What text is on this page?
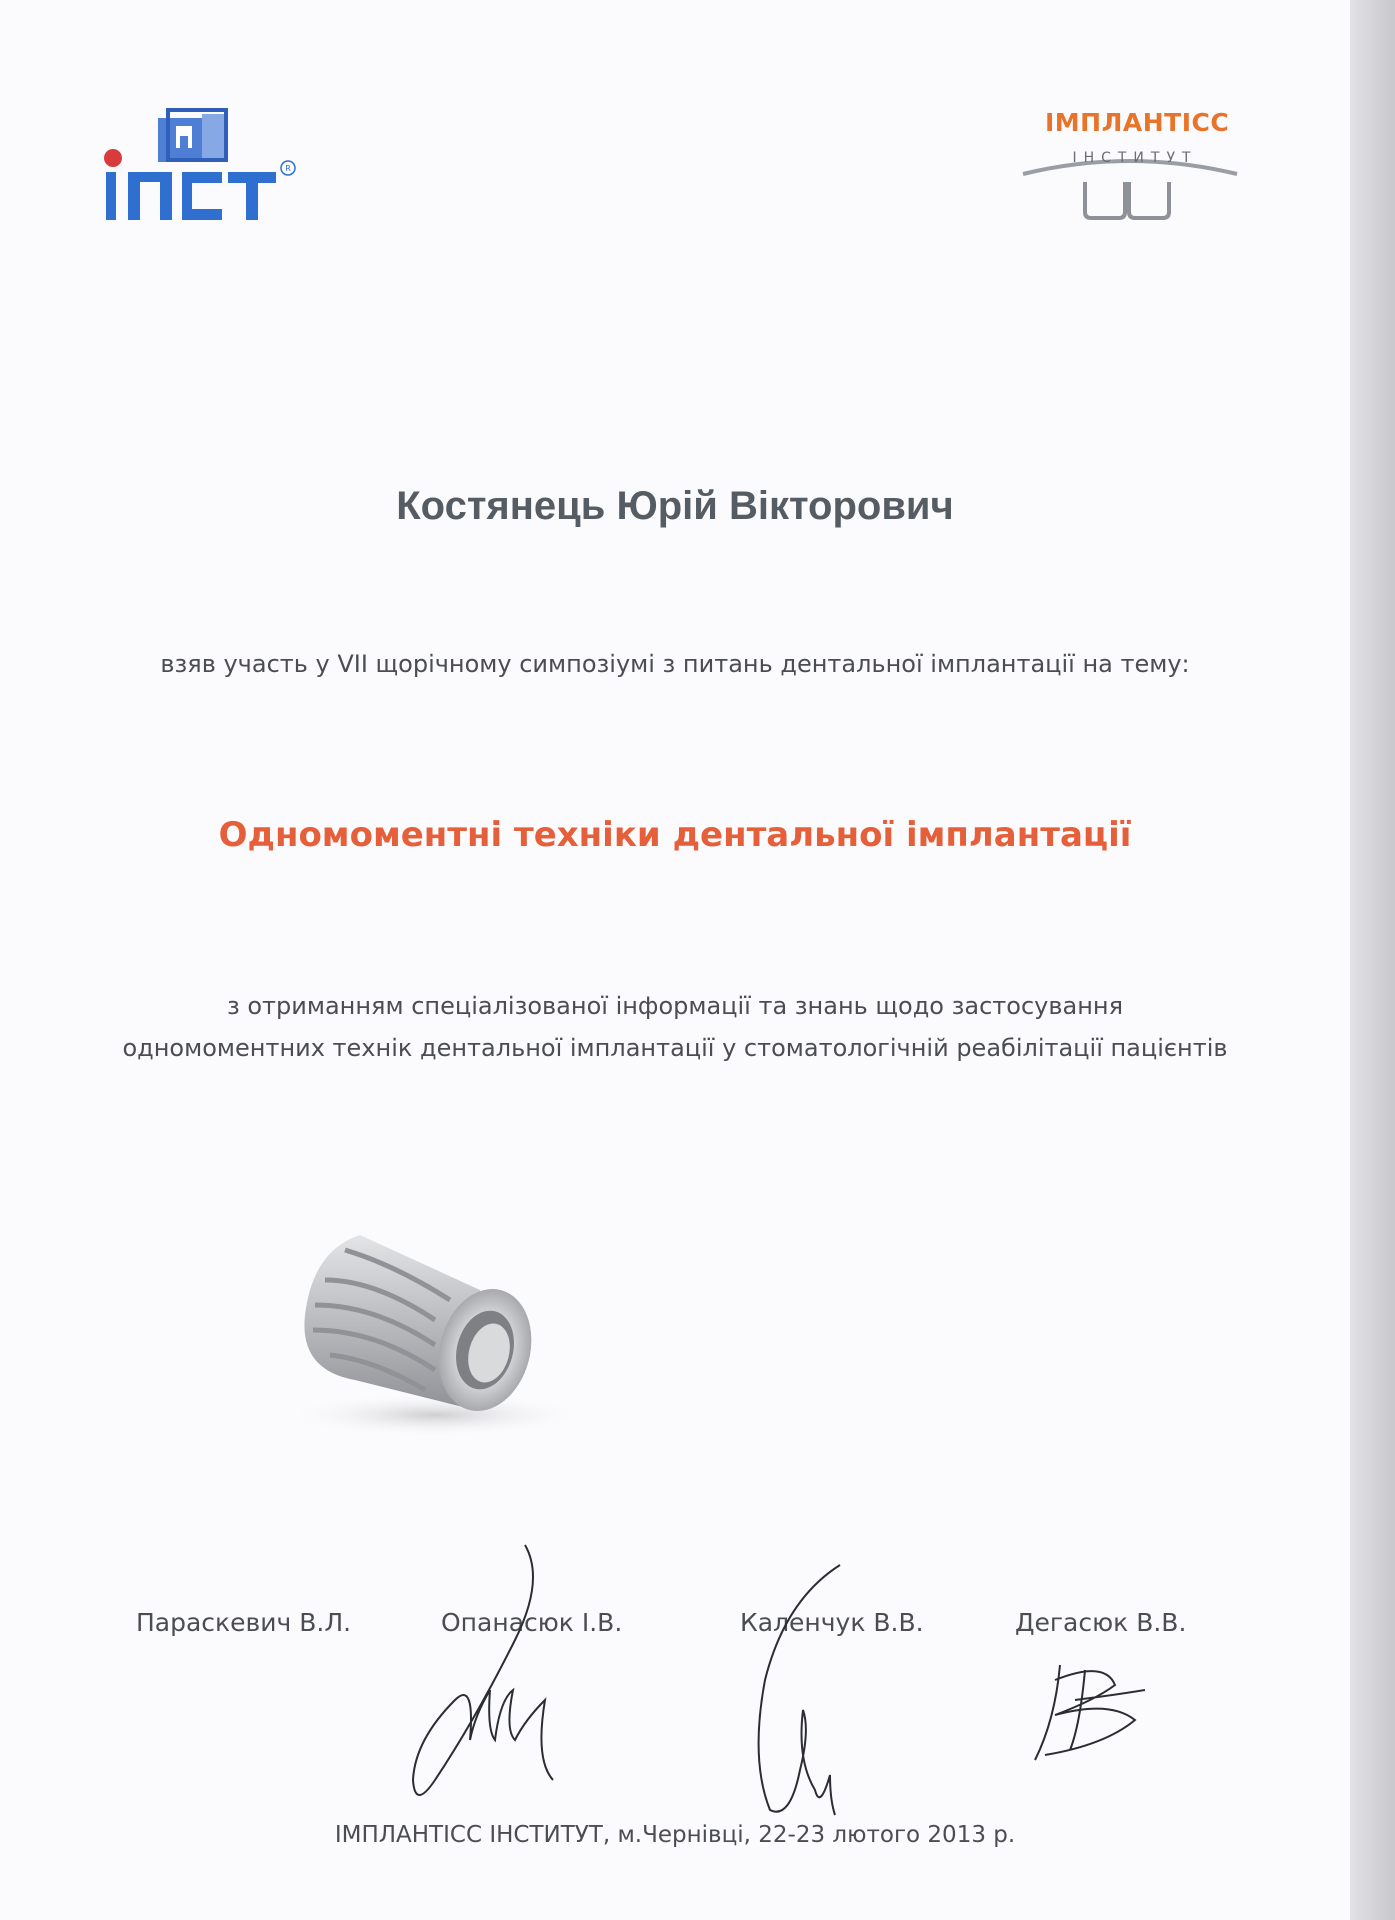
R
ІМПЛАНТІСС
ІНСТИТУТ
Костянець Юрій Вікторович
взяв участь у VII щорічному симпозіумі з питань дентальної імплантації на тему:
Одномоментні техніки дентальної імплантації
з отриманням спеціалізованої інформації та знань щодо застосування
одномоментних технік дентальної імплантації у стоматологічній реабілітації пацієнтів
Параскевич В.Л.	Опанасюк І.В.	Каленчук В.В.	Дегасюк В.В.
ІМПЛАНТІСС ІНСТИТУТ, м.Чернівці, 22-23 лютого 2013 р.
